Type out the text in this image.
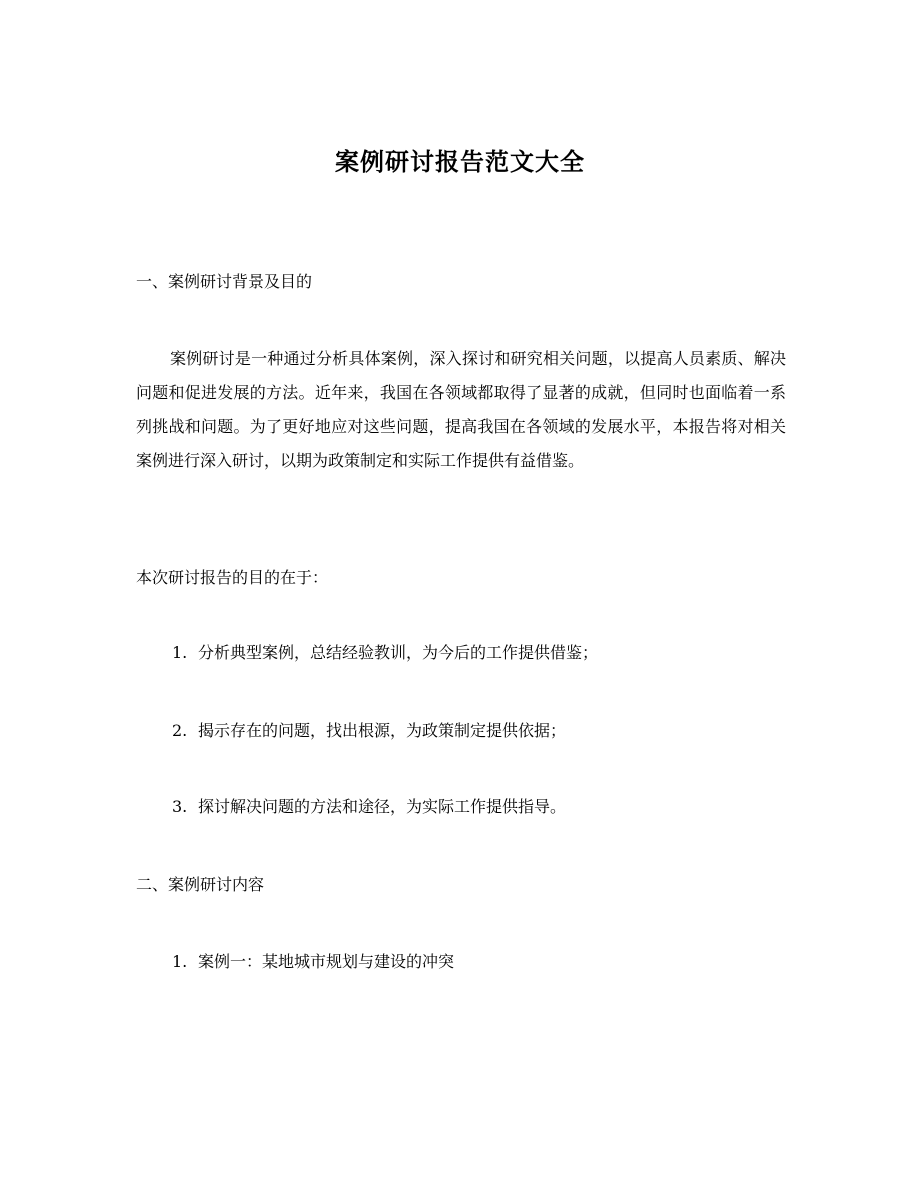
案例研讨报告范文大全
一、案例研讨背景及目的

案例研讨是一种通过分析具体案例，深入探讨和研究相关问题，以提高人员素质、解决问题和促进发展的方法。近年来，我国在各领域都取得了显著的成就，但同时也面临着一系列挑战和问题。为了更好地应对这些问题，提高我国在各领域的发展水平，本报告将对相关案例进行深入研讨，以期为政策制定和实际工作提供有益借鉴。

本次研讨报告的目的在于：
1. 分析典型案例，总结经验教训，为今后的工作提供借鉴；
2. 揭示存在的问题，找出根源，为政策制定提供依据；
3. 探讨解决问题的方法和途径，为实际工作提供指导。
二、案例研讨内容
1. 案例一：某地城市规划与建设的冲突
